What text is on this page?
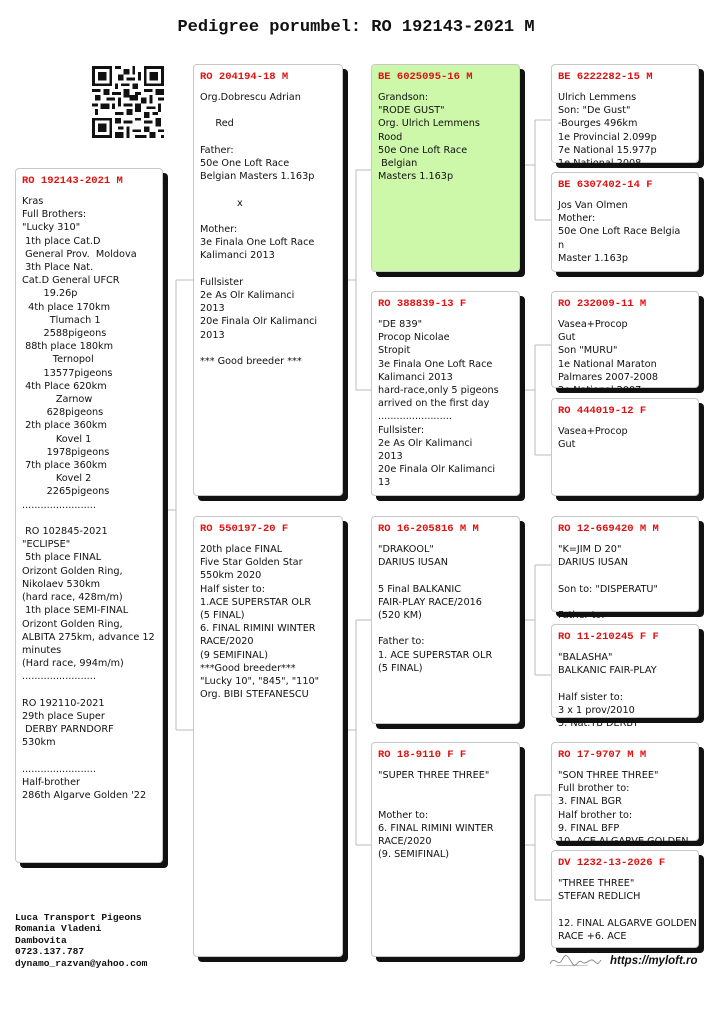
Pedigree porumbel: RO 192143-2021 M
RO 192143-2021 M
Kras
Full Brothers:
"Lucky 310"
1th place Cat.D
General Prov.  Moldova
3th Place Nat.
Cat.D General UFCR
19.26p
4th place 170km
Tlumach 1
2588pigeons
88th place 180km
Ternopol
13577pigeons
4th Place 620km
Zarnow
628pigeons
2th place 360km
Kovel 1
1978pigeons
7th place 360km
Kovel 2
2265pigeons
........................

RO 102845-2021
"ECLIPSE"
5th place FINAL
Orizont Golden Ring,
Nikolaev 530km
(hard race, 428m/m)
1th place SEMI-FINAL
Orizont Golden Ring,
ALBITA 275km, advance 12
minutes
(Hard race, 994m/m)
........................

RO 192110-2021
29th place Super
DERBY PARNDORF
530km

........................
Half-brother
286th Algarve Golden '22
RO 204194-18 M
Org.Dobrescu Adrian

Red

Father:
50e One Loft Race
Belgian Masters 1.163p

x

Mother:
3e Finala One Loft Race
Kalimanci 2013

Fullsister
2e As Olr Kalimanci
2013
20e Finala Olr Kalimanci
2013

*** Good breeder ***
RO 550197-20 F
20th place FINAL
Five Star Golden Star
550km 2020
Half sister to:
1.ACE SUPERSTAR OLR
(5 FINAL)
6. FINAL RIMINI WINTER
RACE/2020
(9 SEMIFINAL)
***Good breeder***
"Lucky 10", "845", "110"
Org. BIBI STEFANESCU
BE 6025095-16 M
Grandson:
"RODE GUST"
Org. Ulrich Lemmens
Rood
50e One Loft Race
Belgian
Masters 1.163p
RO 388839-13 F
"DE 839"
Procop Nicolae
Stropit
3e Finala One Loft Race
Kalimanci 2013
hard-race,only 5 pigeons
arrived on the first day
........................
Fullsister:
2e As Olr Kalimanci
2013
20e Finala Olr Kalimanci
13
RO 16-205816 M M
"DRAKOOL"
DARIUS IUSAN

5 Final BALKANIC
FAIR-PLAY RACE/2016
(520 KM)

Father to:
1. ACE SUPERSTAR OLR
(5 FINAL)
RO 18-9110 F F
"SUPER THREE THREE"

Mother to:
6. FINAL RIMINI WINTER
RACE/2020
(9. SEMIFINAL)
BE 6222282-15 M
Ulrich Lemmens
Son: "De Gust"
-Bourges 496km
1e Provincial 2.099p
7e National 15.977p
1e National 2008
BE 6307402-14 F
Jos Van Olmen
Mother:
50e One Loft Race Belgia
n
Master 1.163p
RO 232009-11 M
Vasea+Procop
Gut
Son "MURU"
1e National Maraton
Palmares 2007-2008
2e National 2007
RO 444019-12 F
Vasea+Procop
Gut
RO 12-669420 M M
"K=JIM D 20"
DARIUS IUSAN

Son to: "DISPERATU"

Father to:
RO 11-210245 F F
"BALASHA"
BALKANIC FAIR-PLAY

Half sister to:
3 x 1 prov/2010
5. Nat.YB DERBY
RO 17-9707 M M
"SON THREE THREE"
Full brother to:
3. FINAL BGR
Half brother to:
9. FINAL BFP
10. ACE ALGARVE GOLDEN
DV 1232-13-2026 F
"THREE THREE"
STEFAN REDLICH

12. FINAL ALGARVE GOLDEN
RACE +6. ACE
Luca Transport Pigeons
Romania Vladeni
Dambovita
0723.137.787
dynamo_razvan@yahoo.com	https://myloft.ro
